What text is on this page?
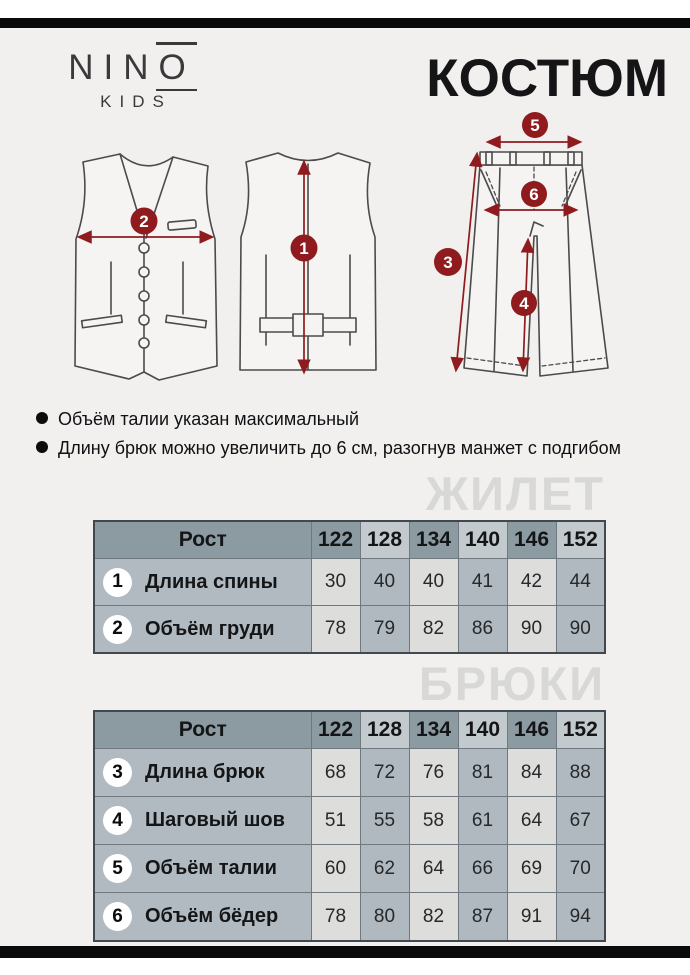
NINO
KIDS	КОСТЮМ
2
1
5
6
3
4
Объём талии указан максимальный
Длину брюк можно увеличить до 6 см, разогнув манжет с подгибом
ЖИЛЕТ
Рост	122	128	134	140	146	152

1 Длина спины	30	40	40	41	42	44

2 Объём груди	78	79	82	86	90	90
БРЮКИ
Рост	122	128	134	140	146	152

3 Длина брюк	68	72	76	81	84	88

4 Шаговый шов	51	55	58	61	64	67

5 Объём талии	60	62	64	66	69	70

6 Объём бёдер	78	80	82	87	91	94
